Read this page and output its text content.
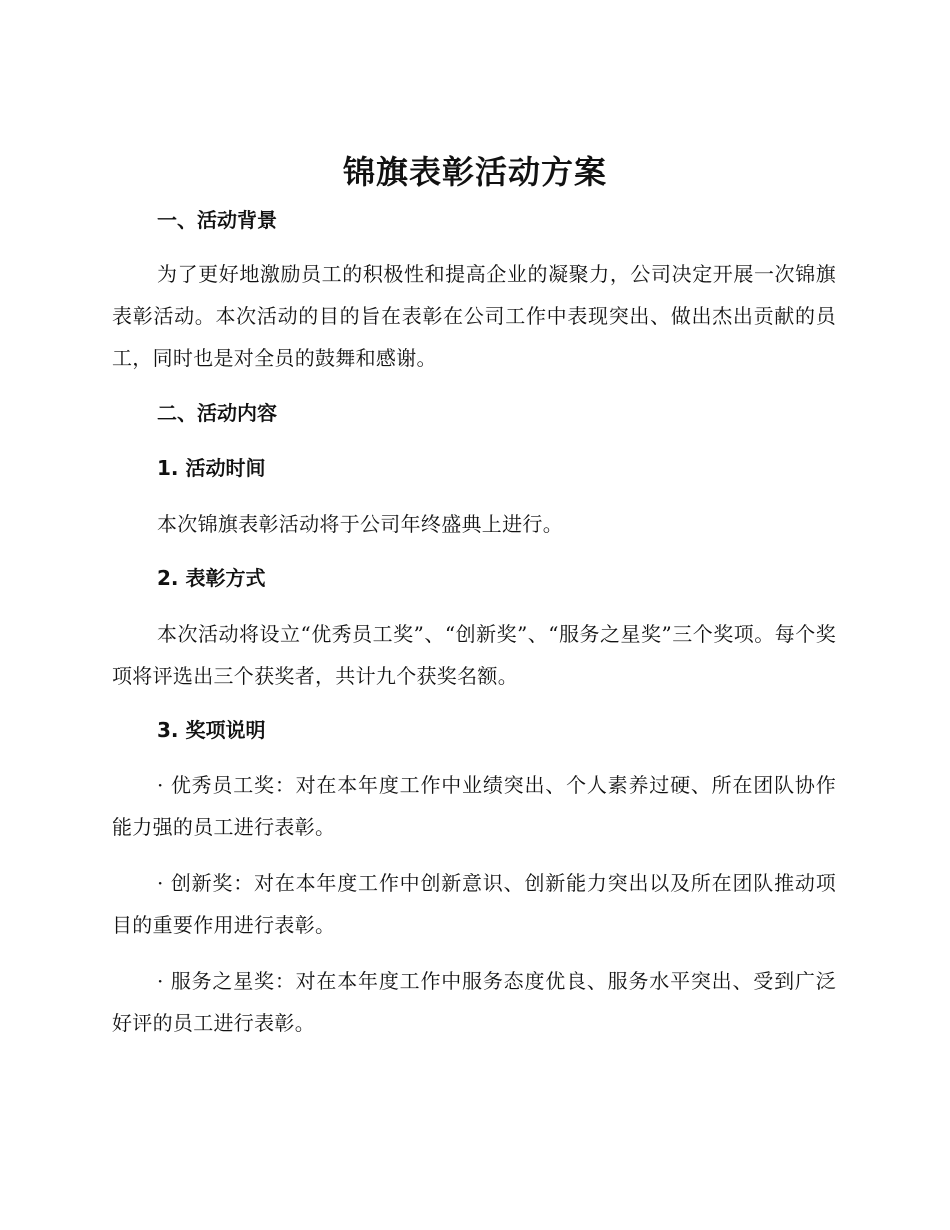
锦旗表彰活动方案
一、活动背景
为了更好地激励员工的积极性和提高企业的凝聚力，公司决定开展一次锦旗表彰活动。本次活动的目的旨在表彰在公司工作中表现突出、做出杰出贡献的员工，同时也是对全员的鼓舞和感谢。
二、活动内容
1. 活动时间
本次锦旗表彰活动将于公司年终盛典上进行。
2. 表彰方式
本次活动将设立“优秀员工奖”、“创新奖”、“服务之星奖”三个奖项。每个奖项将评选出三个获奖者，共计九个获奖名额。
3. 奖项说明
· 优秀员工奖：对在本年度工作中业绩突出、个人素养过硬、所在团队协作能力强的员工进行表彰。
· 创新奖：对在本年度工作中创新意识、创新能力突出以及所在团队推动项目的重要作用进行表彰。
· 服务之星奖：对在本年度工作中服务态度优良、服务水平突出、受到广泛好评的员工进行表彰。
